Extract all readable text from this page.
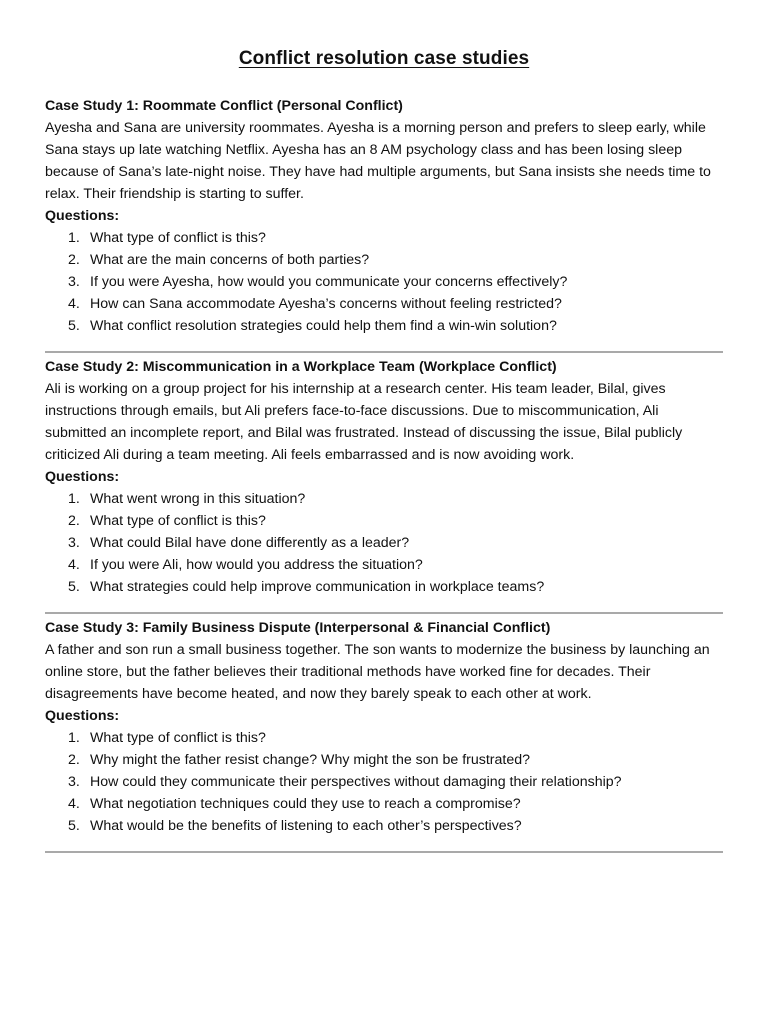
Conflict resolution case studies

Case Study 1: Roommate Conflict (Personal Conflict)

Ayesha and Sana are university roommates. Ayesha is a morning person and prefers to sleep early, while Sana stays up late watching Netflix. Ayesha has an 8 AM psychology class and has been losing sleep because of Sana’s late-night noise. They have had multiple arguments, but Sana insists she needs time to relax. Their friendship is starting to suffer.

Questions:

1. What type of conflict is this?
2. What are the main concerns of both parties?
3. If you were Ayesha, how would you communicate your concerns effectively?
4. How can Sana accommodate Ayesha’s concerns without feeling restricted?
5. What conflict resolution strategies could help them find a win-win solution?

Case Study 2: Miscommunication in a Workplace Team (Workplace Conflict)

Ali is working on a group project for his internship at a research center. His team leader, Bilal, gives instructions through emails, but Ali prefers face-to-face discussions. Due to miscommunication, Ali submitted an incomplete report, and Bilal was frustrated. Instead of discussing the issue, Bilal publicly criticized Ali during a team meeting. Ali feels embarrassed and is now avoiding work.

Questions:

1. What went wrong in this situation?
2. What type of conflict is this?
3. What could Bilal have done differently as a leader?
4. If you were Ali, how would you address the situation?
5. What strategies could help improve communication in workplace teams?

Case Study 3: Family Business Dispute (Interpersonal & Financial Conflict)

A father and son run a small business together. The son wants to modernize the business by launching an online store, but the father believes their traditional methods have worked fine for decades. Their disagreements have become heated, and now they barely speak to each other at work.

Questions:

1. What type of conflict is this?
2. Why might the father resist change? Why might the son be frustrated?
3. How could they communicate their perspectives without damaging their relationship?
4. What negotiation techniques could they use to reach a compromise?
5. What would be the benefits of listening to each other’s perspectives?
